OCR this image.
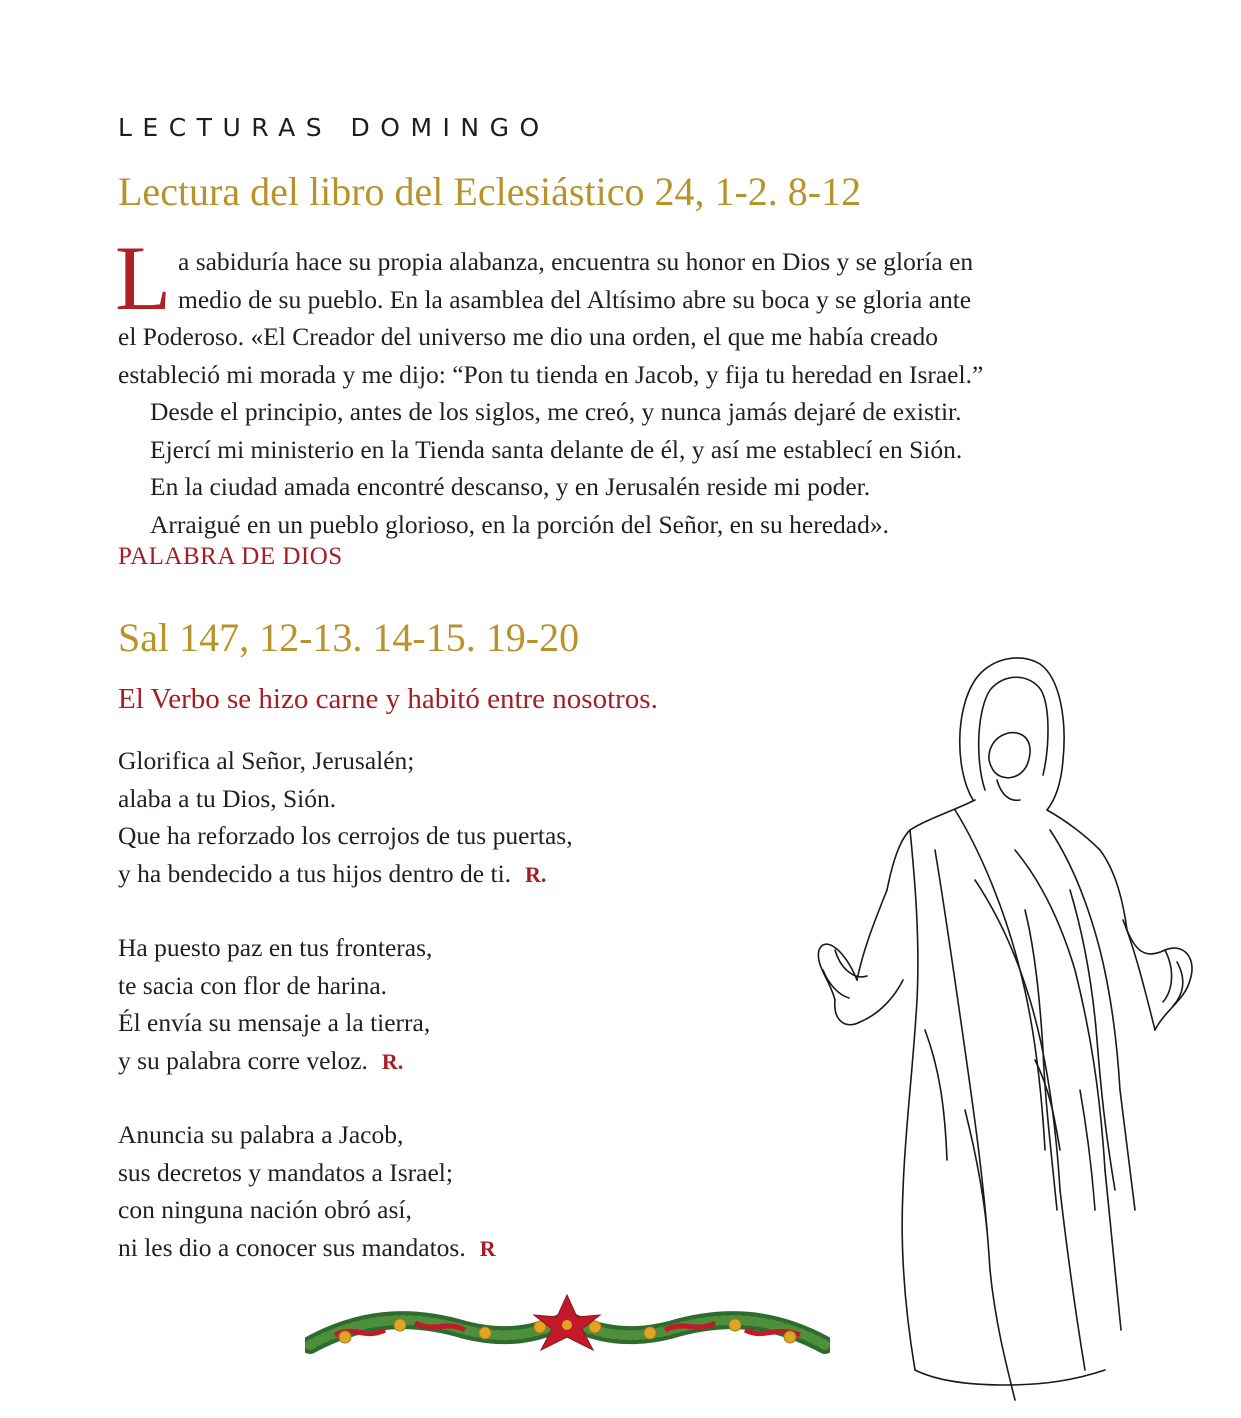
LECTURAS DOMINGO
Lectura del libro del Eclesiástico 24, 1-2. 8-12
L a sabiduría hace su propia alabanza, encuentra su honor en Dios y se gloría en
medio de su pueblo. En la asamblea del Altísimo abre su boca y se gloria ante
el Poderoso. «El Creador del universo me dio una orden, el que me había creado
estableció mi morada y me dijo: “Pon tu tienda en Jacob, y fija tu heredad en Israel.”
Desde el principio, antes de los siglos, me creó, y nunca jamás dejaré de existir.
Ejercí mi ministerio en la Tienda santa delante de él, y así me establecí en Sión.
En la ciudad amada encontré descanso, y en Jerusalén reside mi poder.
Arraigué en un pueblo glorioso, en la porción del Señor, en su heredad».
PALABRA DE DIOS
Sal 147, 12-13. 14-15. 19-20
El Verbo se hizo carne y habitó entre nosotros.
Glorifica al Señor, Jerusalén;
alaba a tu Dios, Sión.
Que ha reforzado los cerrojos de tus puertas,
y ha bendecido a tus hijos dentro de ti. R.
Ha puesto paz en tus fronteras,
te sacia con flor de harina.
Él envía su mensaje a la tierra,
y su palabra corre veloz. R.
Anuncia su palabra a Jacob,
sus decretos y mandatos a Israel;
con ninguna nación obró así,
ni les dio a conocer sus mandatos. R
